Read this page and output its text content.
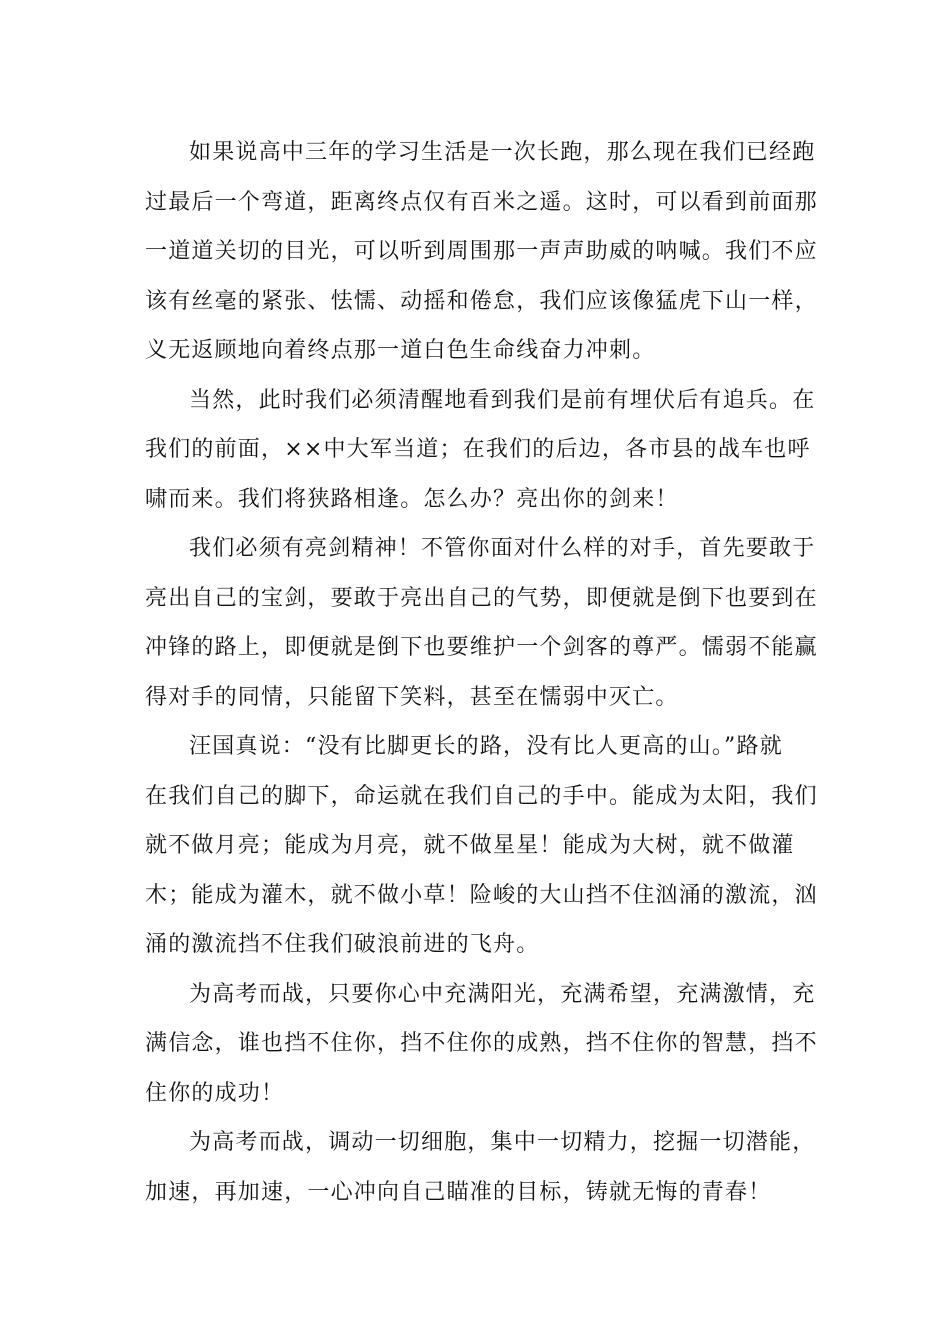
如果说高中三年的学习生活是一次长跑，那么现在我们已经跑
过最后一个弯道，距离终点仅有百米之遥。这时，可以看到前面那
一道道关切的目光，可以听到周围那一声声助威的呐喊。我们不应
该有丝毫的紧张、怯懦、动摇和倦怠，我们应该像猛虎下山一样，
义无返顾地向着终点那一道白色生命线奋力冲刺。
当然，此时我们必须清醒地看到我们是前有埋伏后有追兵。在
我们的前面，××中大军当道；在我们的后边，各市县的战车也呼
啸而来。我们将狭路相逢。怎么办？亮出你的剑来！
我们必须有亮剑精神！不管你面对什么样的对手，首先要敢于
亮出自己的宝剑，要敢于亮出自己的气势，即便就是倒下也要到在
冲锋的路上，即便就是倒下也要维护一个剑客的尊严。懦弱不能赢
得对手的同情，只能留下笑料，甚至在懦弱中灭亡。
汪国真说：“没有比脚更长的路，没有比人更高的山。”路就
在我们自己的脚下，命运就在我们自己的手中。能成为太阳，我们
就不做月亮；能成为月亮，就不做星星！能成为大树，就不做灌
木；能成为灌木，就不做小草！险峻的大山挡不住汹涌的激流，汹
涌的激流挡不住我们破浪前进的飞舟。
为高考而战，只要你心中充满阳光，充满希望，充满激情，充
满信念，谁也挡不住你，挡不住你的成熟，挡不住你的智慧，挡不
住你的成功！
为高考而战，调动一切细胞，集中一切精力，挖掘一切潜能，
加速，再加速，一心冲向自己瞄准的目标，铸就无悔的青春！
